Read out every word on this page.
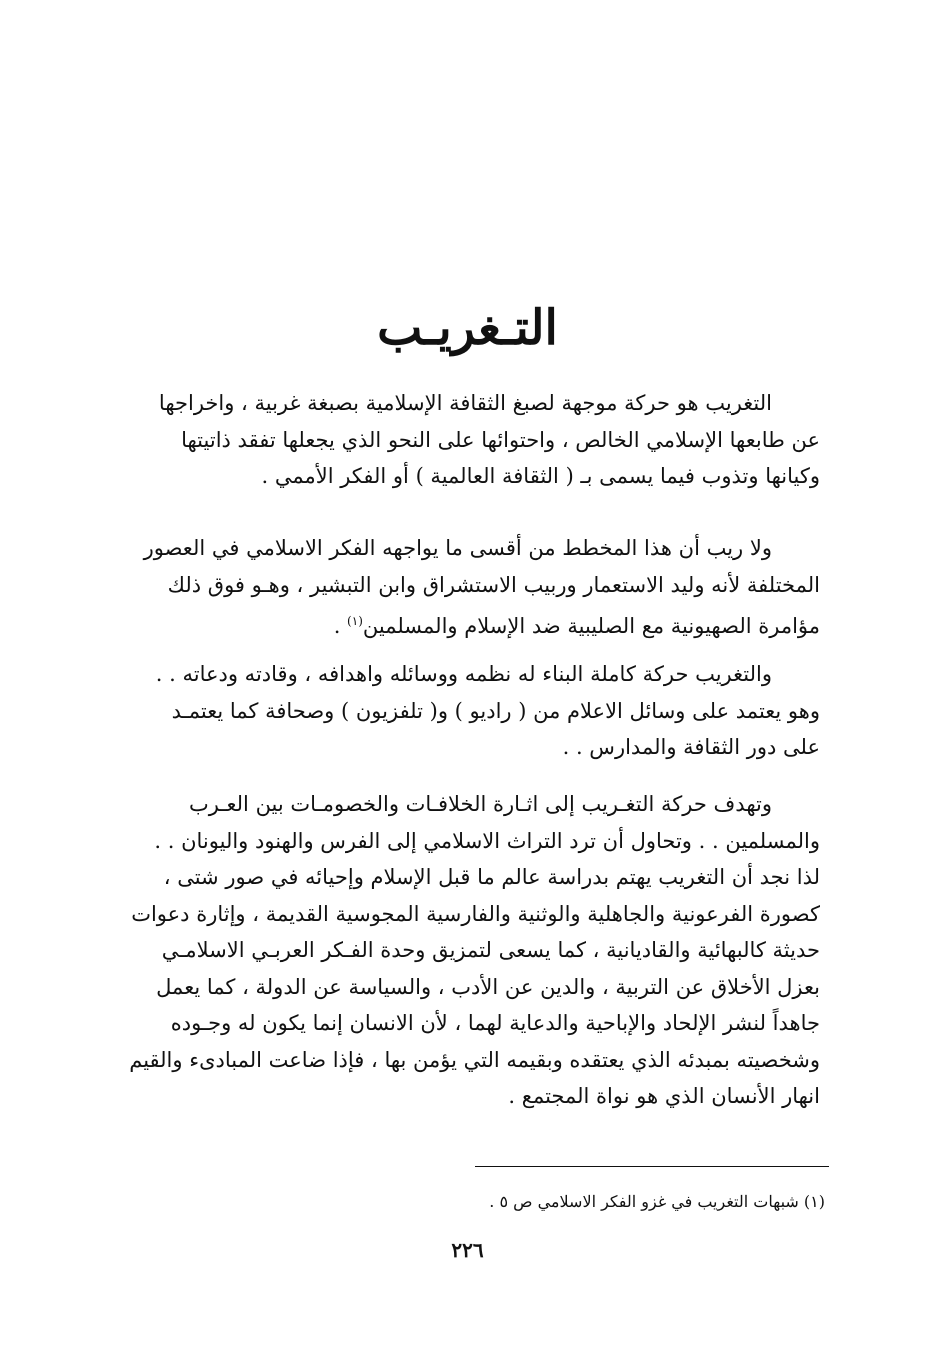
التـغريـب

التغريب هو حركة موجهة لصبغ الثقافة الإسلامية بصبغة غربية ، واخراجها
عن طابعها الإسلامي الخالص ، واحتوائها على النحو الذي يجعلها تفقد ذاتيتها
وكيانها وتذوب فيما يسمى بـ ( الثقافة العالمية ) أو الفكر الأممي .

ولا ريب أن هذا المخطط من أقسى ما يواجهه الفكر الاسلامي في العصور
المختلفة لأنه وليد الاستعمار وربيب الاستشراق وابن التبشير ، وهـو فوق ذلك
مؤامرة الصهيونية مع الصليبية ضد الإسلام والمسلمين$^{(١)}$ .

والتغريب حركة كاملة البناء له نظمه ووسائله واهدافه ، وقادته ودعاته . .
وهو يعتمد على وسائل الاعلام من ( راديو ) و( تلفزيون ) وصحافة كما يعتمـد
على دور الثقافة والمدارس . .

وتهدف حركة التغـريب إلى اثـارة الخلافـات والخصومـات بين العـرب
والمسلمين . . وتحاول أن ترد التراث الاسلامي إلى الفرس والهنود واليونان . .
لذا نجد أن التغريب يهتم بدراسة عالم ما قبل الإسلام وإحيائه في صور شتى ،
كصورة الفرعونية والجاهلية والوثنية والفارسية المجوسية القديمة ، وإثارة دعوات
حديثة كالبهائية والقاديانية ، كما يسعى لتمزيق وحدة الفـكر العربـي الاسلامـي
بعزل الأخلاق عن التربية ، والدين عن الأدب ، والسياسة عن الدولة ، كما يعمل
جاهداً لنشر الإلحاد والإباحية والدعاية لهما ، لأن الانسان إنما يكون له وجـوده
وشخصيته بمبدئه الذي يعتقده وبقيمه التي يؤمن بها ، فإذا ضاعت المبادىء والقيم
انهار الأنسان الذي هو نواة المجتمع .

(١) شبهات التغريب في غزو الفكر الاسلامي ص ٥ .
٢٢٦
